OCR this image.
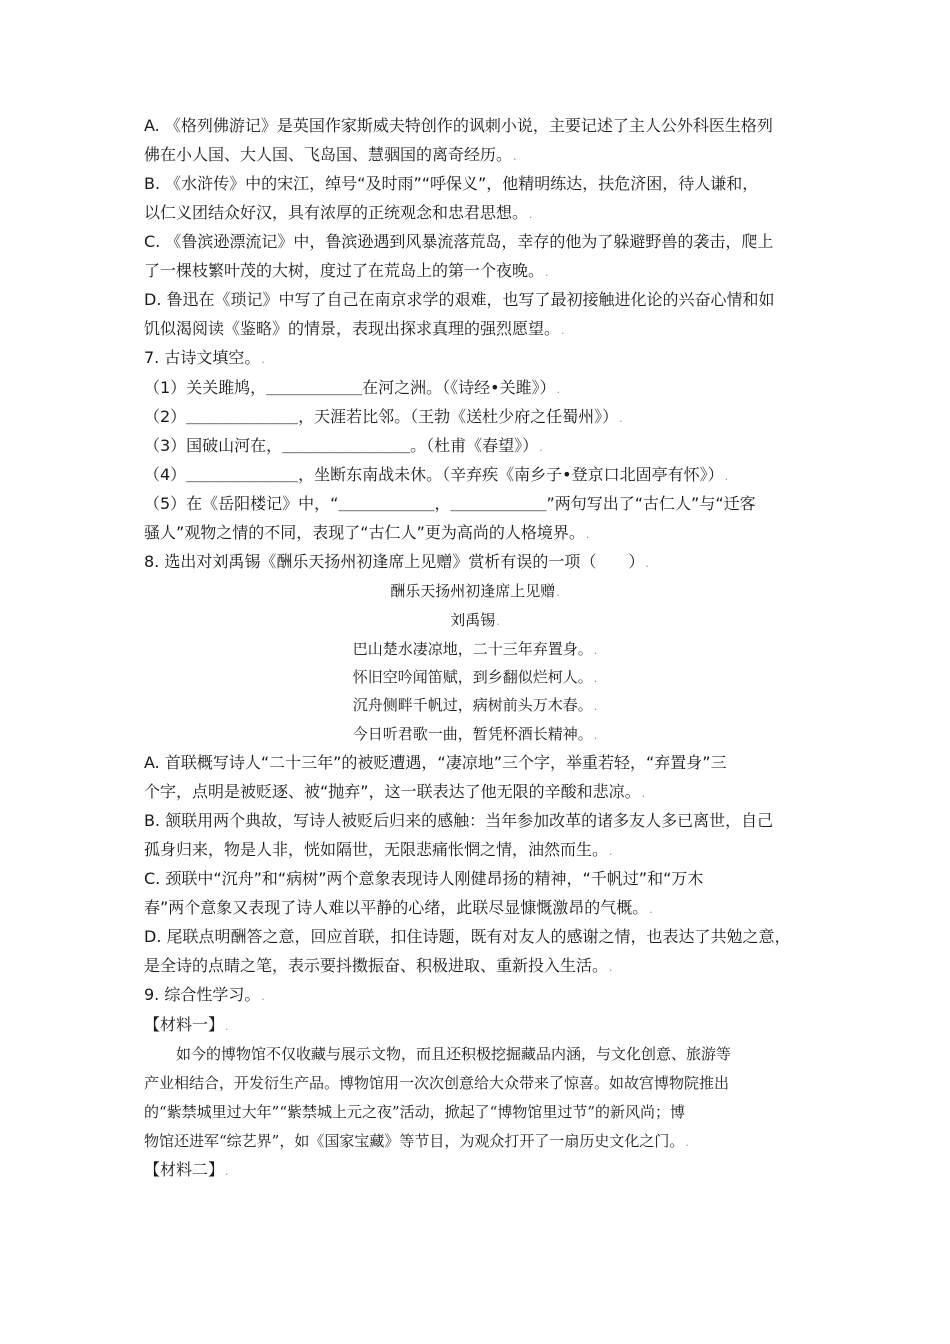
A. 《格列佛游记》是英国作家斯威夫特创作的讽刺小说，主要记述了主人公外科医生格列
佛在小人国、大人国、飞岛国、慧骃国的离奇经历。.
B. 《水浒传》中的宋江，绰号“及时雨”“呼保义”，他精明练达，扶危济困，待人谦和，
以仁义团结众好汉，具有浓厚的正统观念和忠君思想。.
C. 《鲁滨逊漂流记》中，鲁滨逊遇到风暴流落荒岛，幸存的他为了躲避野兽的袭击，爬上
了一棵枝繁叶茂的大树，度过了在荒岛上的第一个夜晚。.
D. 鲁迅在《琐记》中写了自己在南京求学的艰难，也写了最初接触进化论的兴奋心情和如
饥似渴阅读《鉴略》的情景，表现出探求真理的强烈愿望。.
7. 古诗文填空。.
（1）关关雎鸠，＿＿＿＿＿＿在河之洲。（《诗经•关雎》）.
（2）＿＿＿＿＿＿＿，天涯若比邻。（王勃《送杜少府之任蜀州》）.
（3）国破山河在，＿＿＿＿＿＿＿＿。（杜甫《春望》）.
（4）＿＿＿＿＿＿＿，坐断东南战未休。（辛弃疾《南乡子•登京口北固亭有怀》）.
（5）在《岳阳楼记》中，“＿＿＿＿＿＿，＿＿＿＿＿＿”两句写出了“古仁人”与“迁客
骚人”观物之情的不同，表现了“古仁人”更为高尚的人格境界。.
8. 选出对刘禹锡《酬乐天扬州初逢席上见赠》赏析有误的一项（　　）.
酬乐天扬州初逢席上见赠.
刘禹锡.
巴山楚水凄凉地，二十三年弃置身。.
怀旧空吟闻笛赋，到乡翻似烂柯人。.
沉舟侧畔千帆过，病树前头万木春。.
今日听君歌一曲，暂凭杯酒长精神。.
A. 首联概写诗人“二十三年”的被贬遭遇，“凄凉地”三个字，举重若轻，“弃置身”三
个字，点明是被贬逐、被“抛弃”，这一联表达了他无限的辛酸和悲凉。.
B. 颔联用两个典故，写诗人被贬后归来的感触：当年参加改革的诸多友人多已离世，自己
孤身归来，物是人非，恍如隔世，无限悲痛怅惘之情，油然而生。.
C. 颈联中“沉舟”和“病树”两个意象表现诗人刚健昂扬的精神，“千帆过”和“万木
春”两个意象又表现了诗人难以平静的心绪，此联尽显慷慨激昂的气概。.
D. 尾联点明酬答之意，回应首联，扣住诗题，既有对友人的感谢之情，也表达了共勉之意，
是全诗的点睛之笔，表示要抖擞振奋、积极进取、重新投入生活。.
9. 综合性学习。.
【材料一】.
如今的博物馆不仅收藏与展示文物，而且还积极挖掘藏品内涵，与文化创意、旅游等
产业相结合，开发衍生产品。博物馆用一次次创意给大众带来了惊喜。如故宫博物院推出
的“紫禁城里过大年”“紫禁城上元之夜”活动，掀起了“博物馆里过节”的新风尚；博
物馆还进军“综艺界”，如《国家宝藏》等节目，为观众打开了一扇历史文化之门。.
【材料二】.
